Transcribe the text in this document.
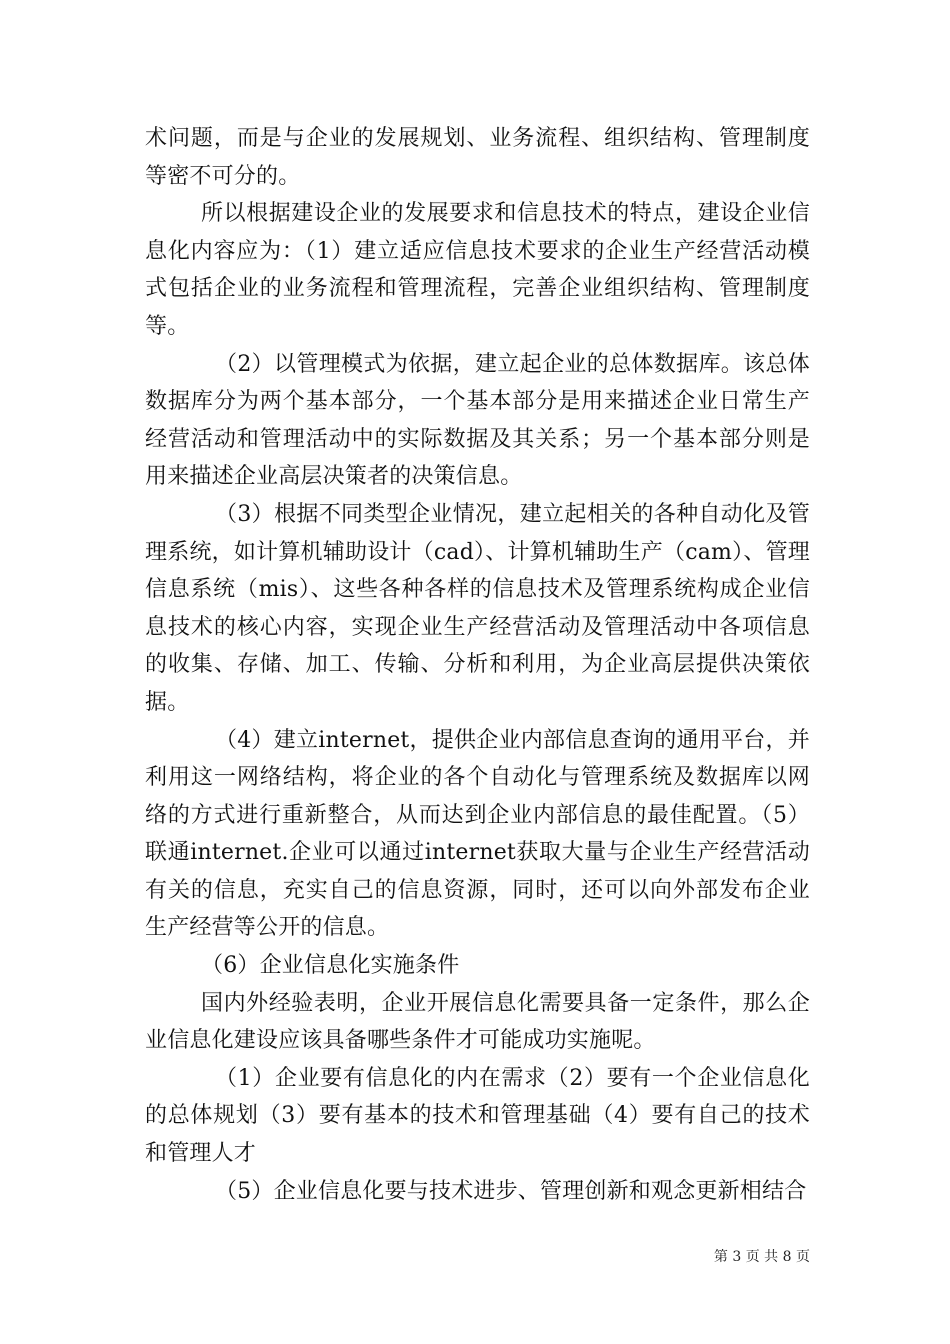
术问题，而是与企业的发展规划、业务流程、组织结构、管理制度等密不可分的。

所以根据建设企业的发展要求和信息技术的特点，建设企业信息化内容应为：（1）建立适应信息技术要求的企业生产经营活动模式包括企业的业务流程和管理流程，完善企业组织结构、管理制度等。

（2）以管理模式为依据，建立起企业的总体数据库。该总体数据库分为两个基本部分，一个基本部分是用来描述企业日常生产经营活动和管理活动中的实际数据及其关系；另一个基本部分则是用来描述企业高层决策者的决策信息。

（3）根据不同类型企业情况，建立起相关的各种自动化及管理系统，如计算机辅助设计（cad）、计算机辅助生产（cam）、管理信息系统（mis）、这些各种各样的信息技术及管理系统构成企业信息技术的核心内容，实现企业生产经营活动及管理活动中各项信息的收集、存储、加工、传输、分析和利用，为企业高层提供决策依据。

（4）建立internet，提供企业内部信息查询的通用平台，并利用这一网络结构，将企业的各个自动化与管理系统及数据库以网络的方式进行重新整合，从而达到企业内部信息的最佳配置。（5）联通internet.企业可以通过internet获取大量与企业生产经营活动有关的信息，充实自己的信息资源，同时，还可以向外部发布企业生产经营等公开的信息。

（6）企业信息化实施条件

国内外经验表明，企业开展信息化需要具备一定条件，那么企业信息化建设应该具备哪些条件才可能成功实施呢。

（1）企业要有信息化的内在需求（2）要有一个企业信息化的总体规划（3）要有基本的技术和管理基础（4）要有自己的技术和管理人才

（5）企业信息化要与技术进步、管理创新和观念更新相结合

第 3 页 共 8 页
